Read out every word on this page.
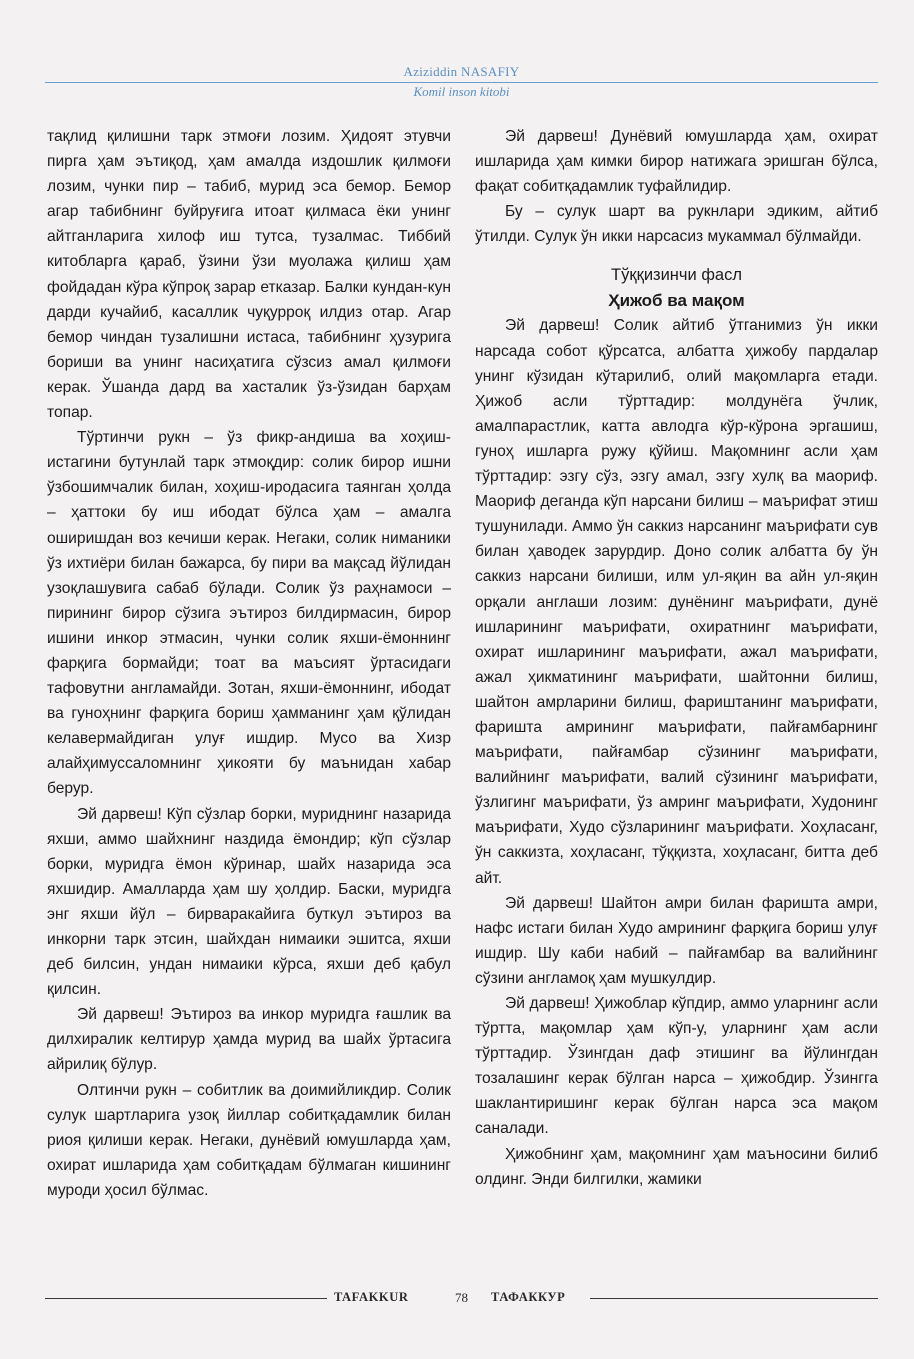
Aziziddin NASAFIY
Komil inson kitobi

тақлид қилишни тарк этмоғи лозим. Ҳидоят этувчи пирга ҳам эътиқод, ҳам амалда издошлик қилмоғи лозим, чунки пир – табиб, мурид эса бемор. Бемор агар табибнинг буйруғига итоат қилмаса ёки унинг айтганларига хилоф иш тутса, тузалмас. Тиббий китобларга қараб, ўзини ўзи муолажа қилиш ҳам фойдадан кўра кўпроқ зарар етказар. Балки кундан-кун дарди кучайиб, касаллик чуқурроқ илдиз отар. Агар бемор чиндан тузалишни истаса, табибнинг ҳузурига бориши ва унинг насиҳатига сўзсиз амал қилмоғи керак. Ўшанда дард ва хасталик ўз-ўзидан барҳам топар.

Тўртинчи рукн – ўз фикр-андиша ва хоҳиш-истагини бутунлай тарк этмоқдир: солик бирор ишни ўзбошимчалик билан, хоҳиш-иродасига таянган ҳолда – ҳаттоки бу иш ибодат бўлса ҳам – амалга оширишдан воз кечиши керак. Негаки, солик ниманики ўз ихтиёри билан бажарса, бу пири ва мақсад йўлидан узоқлашувига сабаб бўлади. Солик ўз раҳнамоси – пирининг бирор сўзига эътироз билдирмасин, бирор ишини инкор этмасин, чунки солик яхши-ёмоннинг фарқига бормайди; тоат ва маъсият ўртасидаги тафовутни англамайди. Зотан, яхши-ёмоннинг, ибодат ва гуноҳнинг фарқига бориш ҳамманинг ҳам қўлидан келавермайдиган улуғ ишдир. Мусо ва Хизр алайҳимуссаломнинг ҳикояти бу маънидан хабар берур.

Эй дарвеш! Кўп сўзлар борки, муриднинг назарида яхши, аммо шайхнинг наздида ёмондир; кўп сўзлар борки, муридга ёмон кўринар, шайх назарида эса яхшидир. Амалларда ҳам шу ҳолдир. Баски, муридга энг яхши йўл – бирваракайига буткул эътироз ва инкорни тарк этсин, шайхдан нимаики эшитса, яхши деб билсин, ундан нимаики кўрса, яхши деб қабул қилсин.

Эй дарвеш! Эътироз ва инкор муридга ғашлик ва дилхиралик келтирур ҳамда мурид ва шайх ўртасига айрилиқ бўлур.

Олтинчи рукн – собитлик ва доимийликдир. Солик сулук шартларига узоқ йиллар собитқадамлик билан риоя қилиши керак. Негаки, дунёвий юмушларда ҳам, охират ишларида ҳам собитқадам бўлмаган кишининг муроди ҳосил бўлмас.

Эй дарвеш! Дунёвий юмушларда ҳам, охират ишларида ҳам кимки бирор натижага эришган бўлса, фақат собитқадамлик туфайлидир.

Бу – сулук шарт ва рукнлари эдиким, айтиб ўтилди. Сулук ўн икки нарсасиз мукаммал бўлмайди.

Тўққизинчи фасл

Ҳижоб ва мақом

Эй дарвеш! Солик айтиб ўтганимиз ўн икки нарсада собот қўрсатса, албатта ҳижобу пардалар унинг кўзидан кўтарилиб, олий мақомларга етади. Ҳижоб асли тўрттадир: молдунёга ўчлик, амалпарастлик, катта авлодга кўр-кўрона эргашиш, гуноҳ ишларга ружу қўйиш. Мақомнинг асли ҳам тўрттадир: эзгу сўз, эзгу амал, эзгу хулқ ва маориф. Маориф деганда кўп нарсани билиш – маърифат этиш тушунилади. Аммо ўн саккиз нарсанинг маърифати сув билан ҳаводек зарурдир. Доно солик албатта бу ўн саккиз нарсани билиши, илм ул-яқин ва айн ул-яқин орқали англаши лозим: дунёнинг маърифати, дунё ишларининг маърифати, охиратнинг маърифати, охират ишларининг маърифати, ажал маърифати, ажал ҳикматининг маърифати, шайтонни билиш, шайтон амрларини билиш, фариштанинг маърифати, фаришта амрининг маърифати, пайғамбарнинг маърифати, пайғамбар сўзининг маърифати, валийнинг маърифати, валий сўзининг маърифати, ўзлигинг маърифати, ўз амринг маърифати, Худонинг маърифати, Худо сўзларининг маърифати. Хоҳласанг, ўн саккизта, хоҳласанг, тўққизта, хоҳласанг, битта деб айт.

Эй дарвеш! Шайтон амри билан фаришта амри, нафс истаги билан Худо амрининг фарқига бориш улуғ ишдир. Шу каби набий – пайғамбар ва валийнинг сўзини англамоқ ҳам мушкулдир.

Эй дарвеш! Ҳижоблар кўпдир, аммо уларнинг асли тўртта, мақомлар ҳам кўп-у, уларнинг ҳам асли тўрттадир. Ўзингдан даф этишинг ва йўлингдан тозалашинг керак бўлган нарса – ҳижобдир. Ўзингга шаклантиришинг керак бўлган нарса эса мақом саналади.

Ҳижобнинг ҳам, мақомнинг ҳам маъносини билиб олдинг. Энди билгилки, жамики

TAFAKKUR	78 ТАФАККУР
